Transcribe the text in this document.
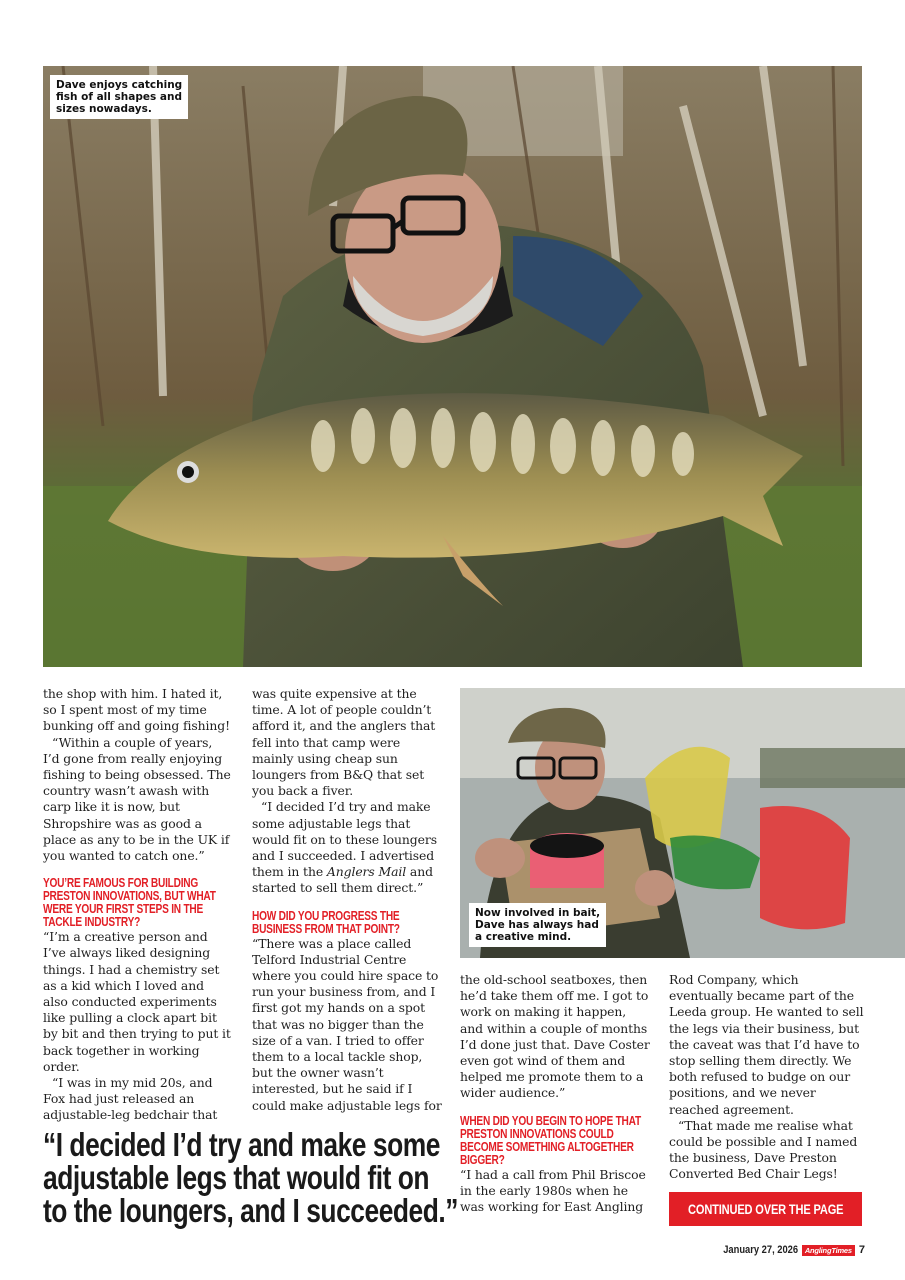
Dave enjoys catching
fish of all shapes and
sizes nowadays.

the shop with him. I hated it, so I spent most of my time bunking off and going fishing!

“Within a couple of years, I’d gone from really enjoying fishing to being obsessed. The country wasn’t awash with carp like it is now, but Shropshire was as good a place as any to be in the UK if you wanted to catch one.”

YOU’RE FAMOUS FOR BUILDING PRESTON INNOVATIONS, BUT WHAT WERE YOUR FIRST STEPS IN THE TACKLE INDUSTRY?

“I’m a creative person and I’ve always liked designing things. I had a chemistry set as a kid which I loved and also conducted experiments like pulling a clock apart bit by bit and then trying to put it back together in working order.

“I was in my mid 20s, and Fox had just released an adjustable-leg bedchair that

was quite expensive at the time. A lot of people couldn’t afford it, and the anglers that fell into that camp were mainly using cheap sun loungers from B&Q that set you back a fiver.

“I decided I’d try and make some adjustable legs that would fit on to these loungers and I succeeded. I advertised them in the Anglers Mail and started to sell them direct.”

HOW DID YOU PROGRESS THE BUSINESS FROM THAT POINT?

“There was a place called Telford Industrial Centre where you could hire space to run your business from, and I first got my hands on a spot that was no bigger than the size of a van. I tried to offer them to a local tackle shop, but the owner wasn’t interested, but he said if I could make adjustable legs for

Now involved in bait,
Dave has always had
a creative mind.

the old-school seatboxes, then he’d take them off me. I got to work on making it happen, and within a couple of months I’d done just that. Dave Coster even got wind of them and helped me promote them to a wider audience.”

WHEN DID YOU BEGIN TO HOPE THAT PRESTON INNOVATIONS COULD BECOME SOMETHING ALTOGETHER BIGGER?

“I had a call from Phil Briscoe in the early 1980s when he was working for East Angling

Rod Company, which eventually became part of the Leeda group. He wanted to sell the legs via their business, but the caveat was that I’d have to stop selling them directly. We both refused to budge on our positions, and we never reached agreement.

“That made me realise what could be possible and I named the business, Dave Preston Converted Bed Chair Legs!

“I decided I’d try and make some adjustable legs that would fit on to the loungers, and I succeeded.”	CONTINUED OVER THE PAGE
January 27, 2026 AnglingTimes 7
